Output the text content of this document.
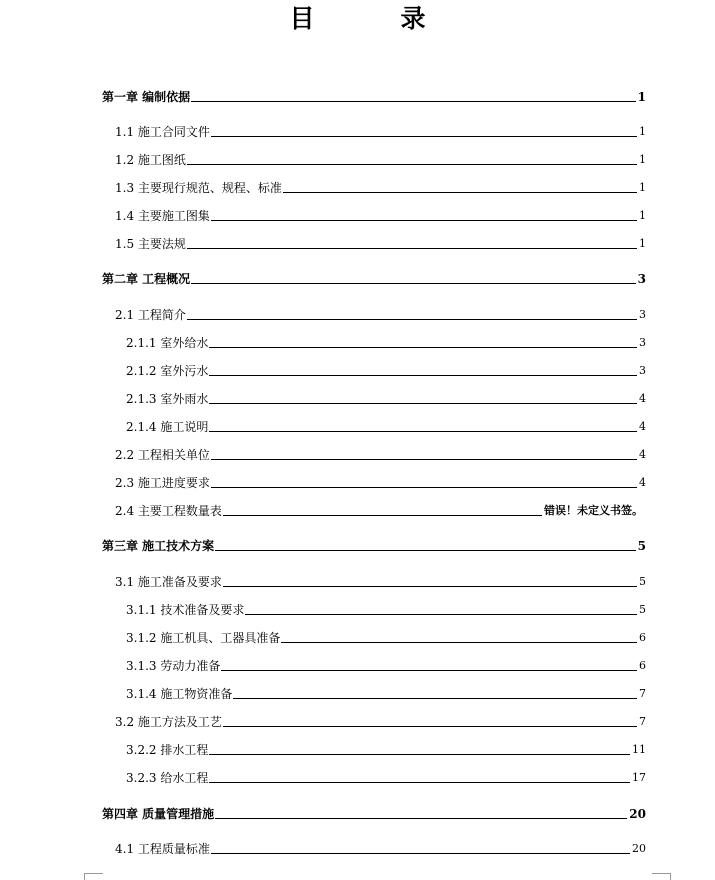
目	录
第一章 编制依据	1
1.1 施工合同文件	1
1.2 施工图纸	1
1.3 主要现行规范、规程、标准	1
1.4 主要施工图集	1
1.5 主要法规	1
第二章 工程概况	3
2.1 工程简介	3
2.1.1 室外给水	3
2.1.2 室外污水	3
2.1.3 室外雨水	4
2.1.4 施工说明	4
2.2 工程相关单位	4
2.3 施工进度要求	4
2.4 主要工程数量表	错误！未定义书签。
第三章 施工技术方案	5
3.1 施工准备及要求	5
3.1.1 技术准备及要求	5
3.1.2 施工机具、工器具准备	6
3.1.3 劳动力准备	6
3.1.4 施工物资准备	7
3.2 施工方法及工艺	7
3.2.2 排水工程	11
3.2.3 给水工程	17
第四章 质量管理措施	20
4.1 工程质量标准	20
